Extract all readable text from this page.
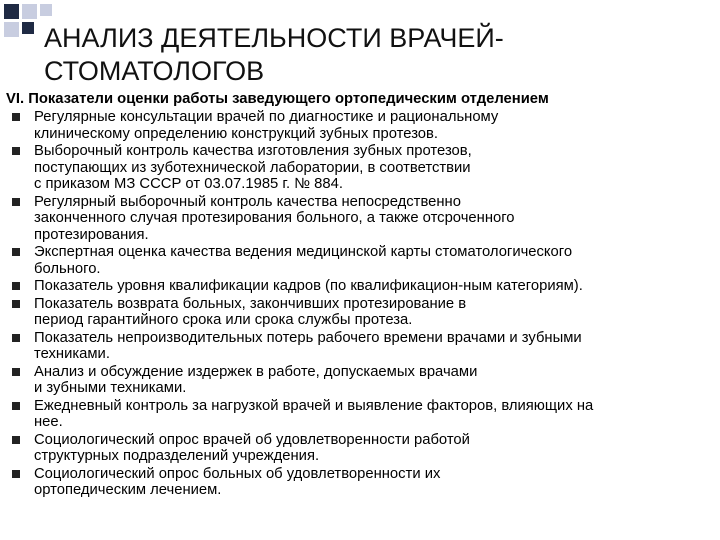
АНАЛИЗ ДЕЯТЕЛЬНОСТИ ВРАЧЕЙ-
СТОМАТОЛОГОВ

VI. Показатели оценки работы заведующего ортопедическим отделением

Регулярные консультации врачей по диагностике и рациональному
клиническому определению конструкций зубных протезов.
Выборочный контроль качества изготовления зубных протезов,
поступающих из зуботехнической лаборатории, в соответствии
с приказом МЗ СССР от 03.07.1985 г. № 884.
Регулярный выборочный контроль качества непосредственно
законченного случая протезирования больного, а также отсроченного
протезирования.
Экспертная оценка качества ведения медицинской карты стоматологического
больного.
Показатель уровня квалификации кадров (по квалификацион-ным категориям).
Показатель возврата больных, закончивших протезирование в
период гарантийного срока или срока службы протеза.
Показатель непроизводительных потерь рабочего времени врачами и зубными
техниками.
Анализ и обсуждение издержек в работе, допускаемых врачами
и зубными техниками.
Ежедневный контроль за нагрузкой врачей и выявление факторов, влияющих на
нее.
Социологический опрос врачей об удовлетворенности работой
структурных подразделений учреждения.
Социологический опрос больных об удовлетворенности их
ортопедическим лечением.
